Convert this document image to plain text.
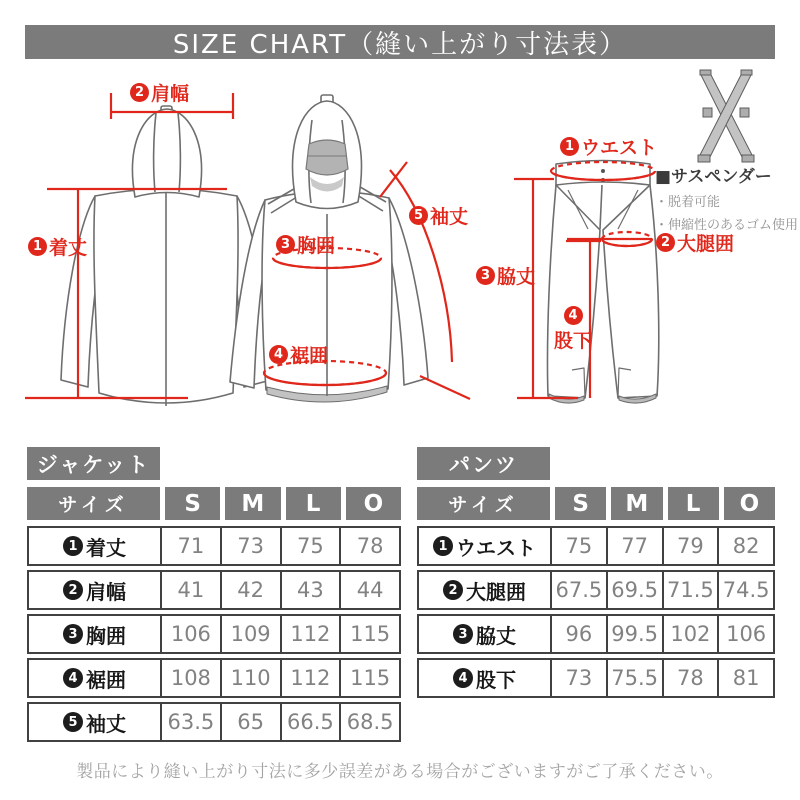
SIZE CHART（縫い上がり寸法表）
2 肩幅
1 着丈	3 胸囲
4 裾囲
5 袖丈
1 ウエスト
2 大腿囲
3 脇丈
4
股下
■サスペンダー
・脱着可能
・伸縮性のあるゴム使用
ジャケット
サイズ	S	M	L	O
1 着丈	71	73	75	78
2 肩幅	41	42	43	44
3 胸囲	106 109 112 115
4 裾囲	108 110 112 115
5 袖丈	63.5	65	66.5 68.5
パンツ
サイズ	S	M	L	O
1 ウエスト	75	77	79	82
2 大腿囲 67.5 69.5 71.5 74.5
3 脇丈	96 99.5 102 106
4 股下	73 75.5 78	81
製品により縫い上がり寸法に多少誤差がある場合がございますがご了承ください。
